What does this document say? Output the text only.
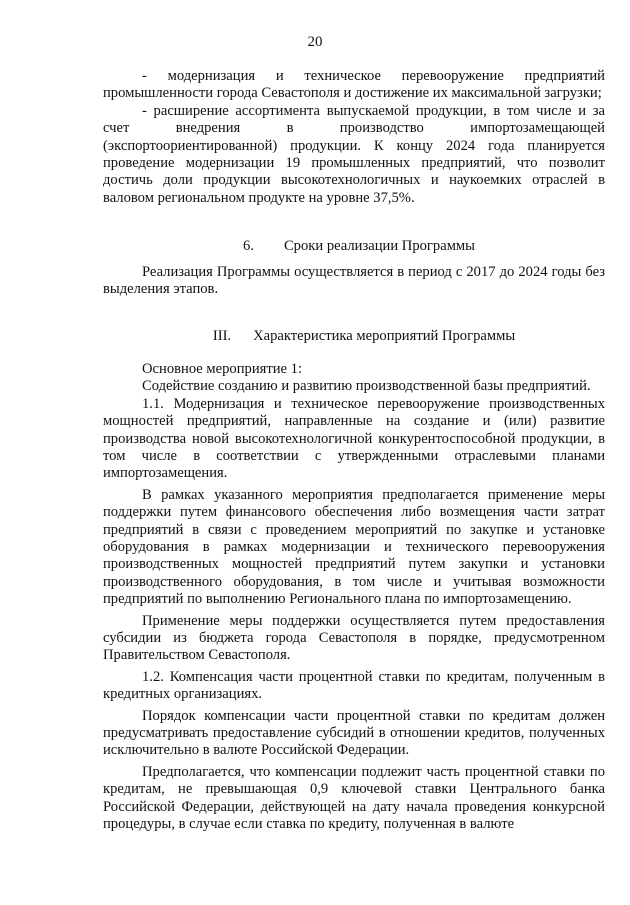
20

- модернизация и техническое перевооружение предприятий промышленности города Севастополя и достижение их максимальной загрузки;

- расширение ассортимента выпускаемой продукции, в том числе и за счет внедрения в производство импортозамещающей (экспортоориентированной) продукции. К концу 2024 года планируется проведение модернизации 19 промышленных предприятий, что позволит достичь доли продукции высокотехнологичных и наукоемких отраслей в валовом региональном продукте на уровне 37,5%.

6. Сроки реализации Программы

Реализация Программы осуществляется в период с 2017 до 2024 годы без выделения этапов.

III. Характеристика мероприятий Программы

Основное мероприятие 1:

Содействие созданию и развитию производственной базы предприятий.

1.1. Модернизация и техническое перевооружение производственных мощностей предприятий, направленные на создание и (или) развитие производства новой высокотехнологичной конкурентоспособной продукции, в том числе в соответствии с утвержденными отраслевыми планами импортозамещения.

В рамках указанного мероприятия предполагается применение меры поддержки путем финансового обеспечения либо возмещения части затрат предприятий в связи с проведением мероприятий по закупке и установке оборудования в рамках модернизации и технического перевооружения производственных мощностей предприятий путем закупки и установки производственного оборудования, в том числе и учитывая возможности предприятий по выполнению Регионального плана по импортозамещению.

Применение меры поддержки осуществляется путем предоставления субсидии из бюджета города Севастополя в порядке, предусмотренном Правительством Севастополя.

1.2. Компенсация части процентной ставки по кредитам, полученным в кредитных организациях.

Порядок компенсации части процентной ставки по кредитам должен предусматривать предоставление субсидий в отношении кредитов, полученных исключительно в валюте Российской Федерации.

Предполагается, что компенсации подлежит часть процентной ставки по кредитам, не превышающая 0,9 ключевой ставки Центрального банка Российской Федерации, действующей на дату начала проведения конкурсной процедуры, в случае если ставка по кредиту, полученная в валюте
